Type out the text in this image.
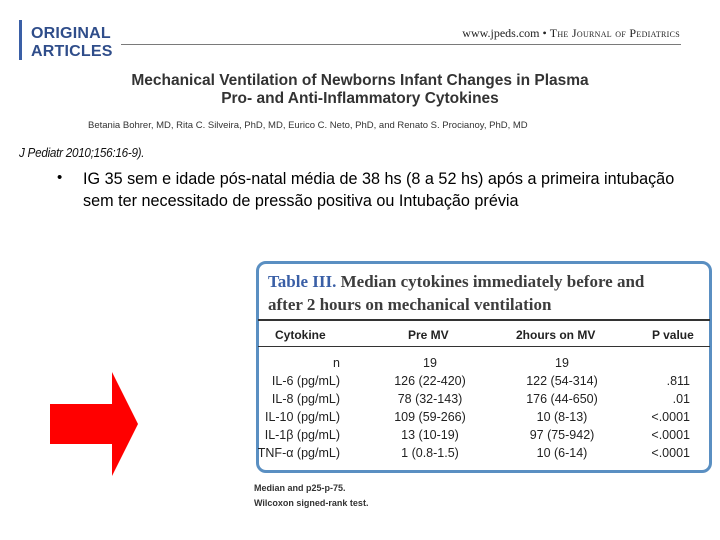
ORIGINAL
ARTICLES
www.jpeds.com • The Journal of Pediatrics
Mechanical Ventilation of Newborns Infant Changes in Plasma
Pro- and Anti-Inflammatory Cytokines
Betania Bohrer, MD, Rita C. Silveira, PhD, MD, Eurico C. Neto, PhD, and Renato S. Procianoy, PhD, MD
J Pediatr 2010;156:16-9).
• IG 35 sem e idade pós-natal média de 38 hs (8 a 52 hs) após a primeira intubação sem ter necessitado de pressão positiva ou Intubação prévia
Table III. Median cytokines immediately before and
after 2 hours on mechanical ventilation
Cytokine	Pre MV	2hours on MV	P value
n	19	19
IL-6 (pg/mL)	126 (22-420)	122 (54-314)	.811
IL-8 (pg/mL)	78 (32-143)	176 (44-650)	.01
IL-10 (pg/mL)	109 (59-266)	10 (8-13)	<.0001
IL-1β (pg/mL)	13 (10-19)	97 (75-942)	<.0001
TNF-α (pg/mL)	1 (0.8-1.5)	10 (6-14)	<.0001
Median and p25-p-75.
Wilcoxon signed-rank test.
